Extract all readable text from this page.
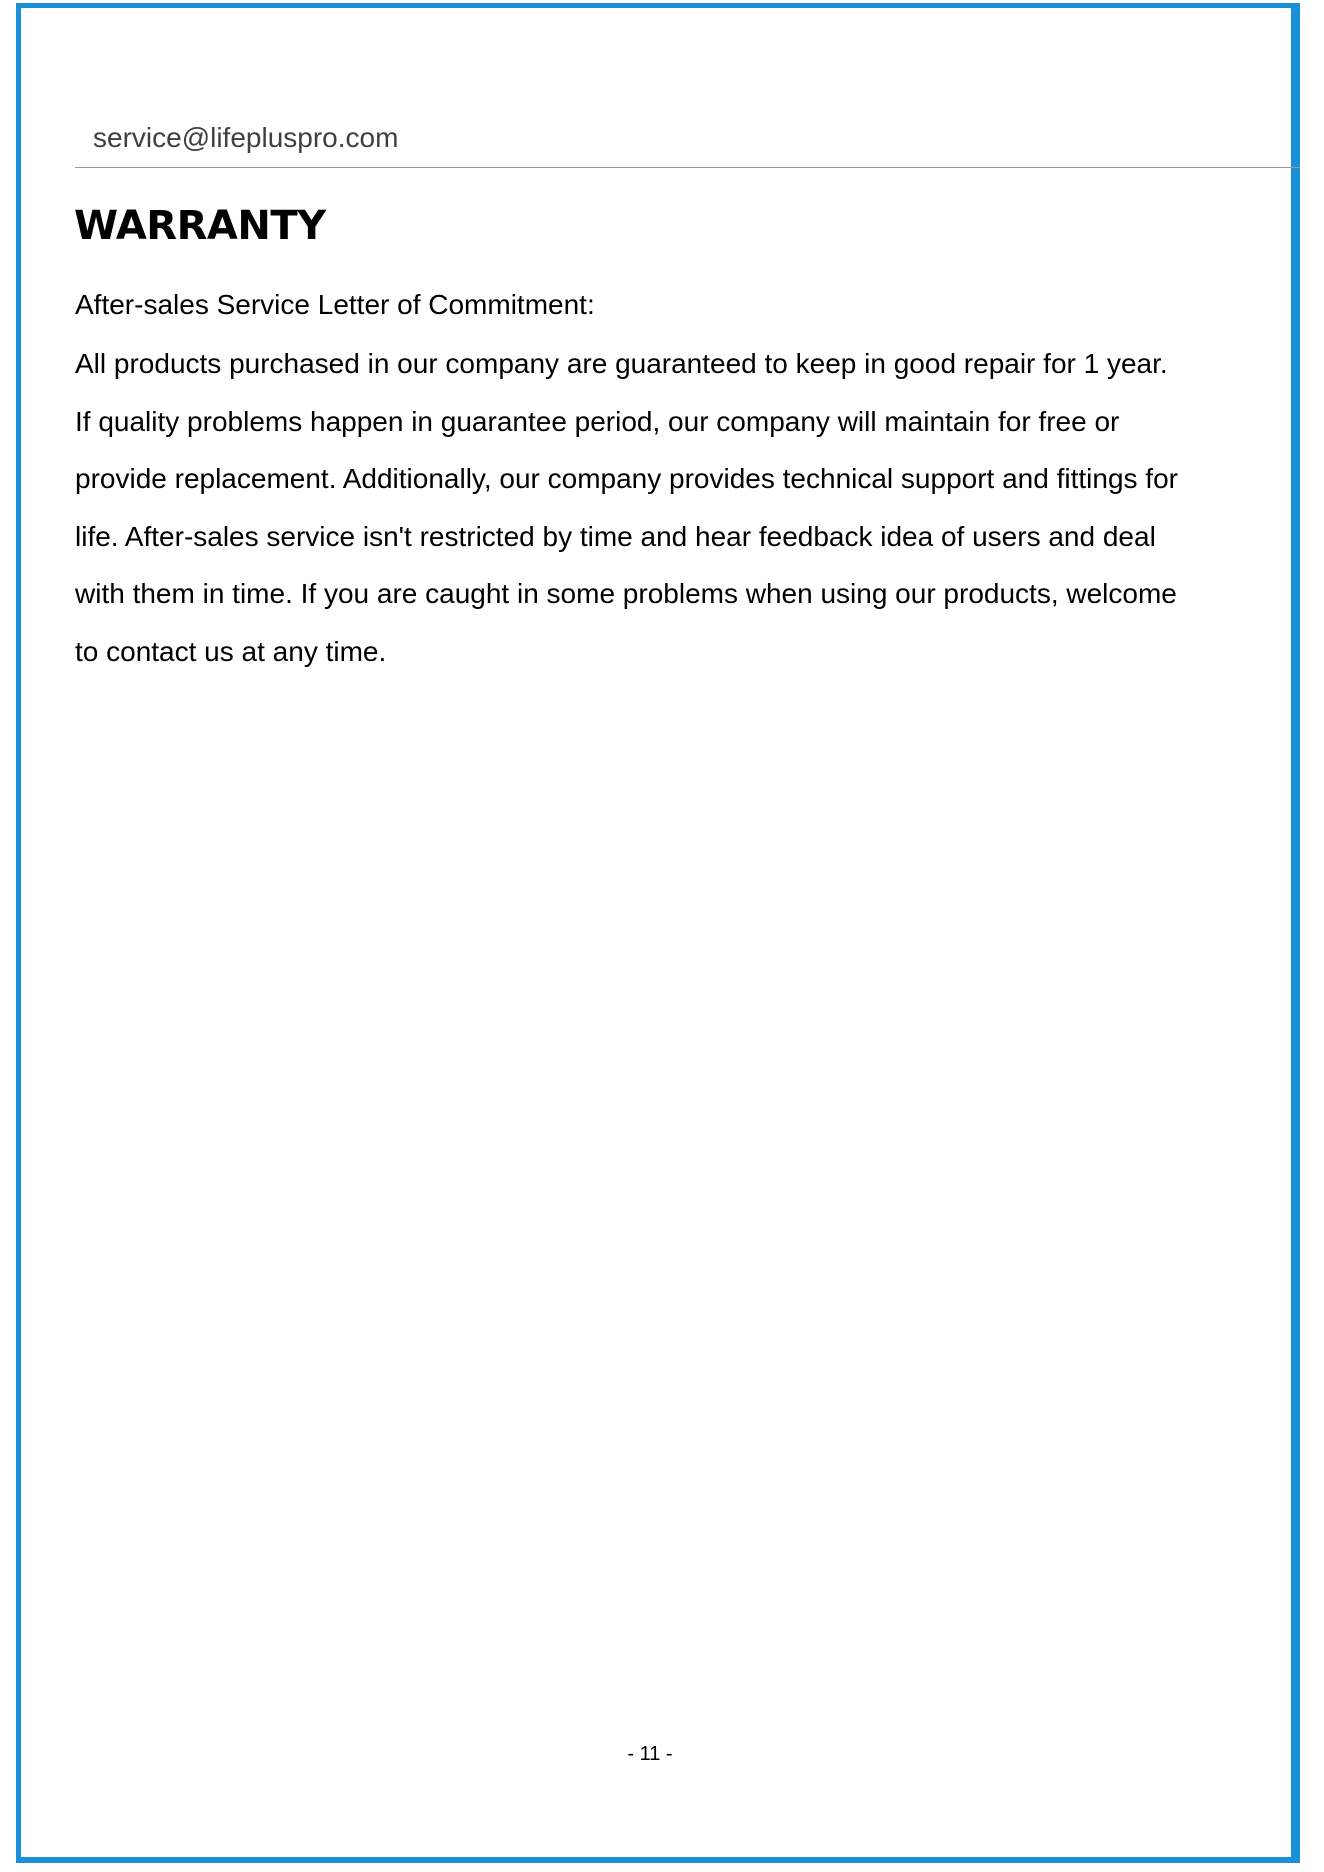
service@lifepluspro.com
WARRANTY
After-sales Service Letter of Commitment:
All products purchased in our company are guaranteed to keep in good repair for 1 year.
If quality problems happen in guarantee period, our company will maintain for free or
provide replacement. Additionally, our company provides technical support and fittings for
life. After-sales service isn't restricted by time and hear feedback idea of users and deal
with them in time. If you are caught in some problems when using our products, welcome
to contact us at any time.
- 11 -
